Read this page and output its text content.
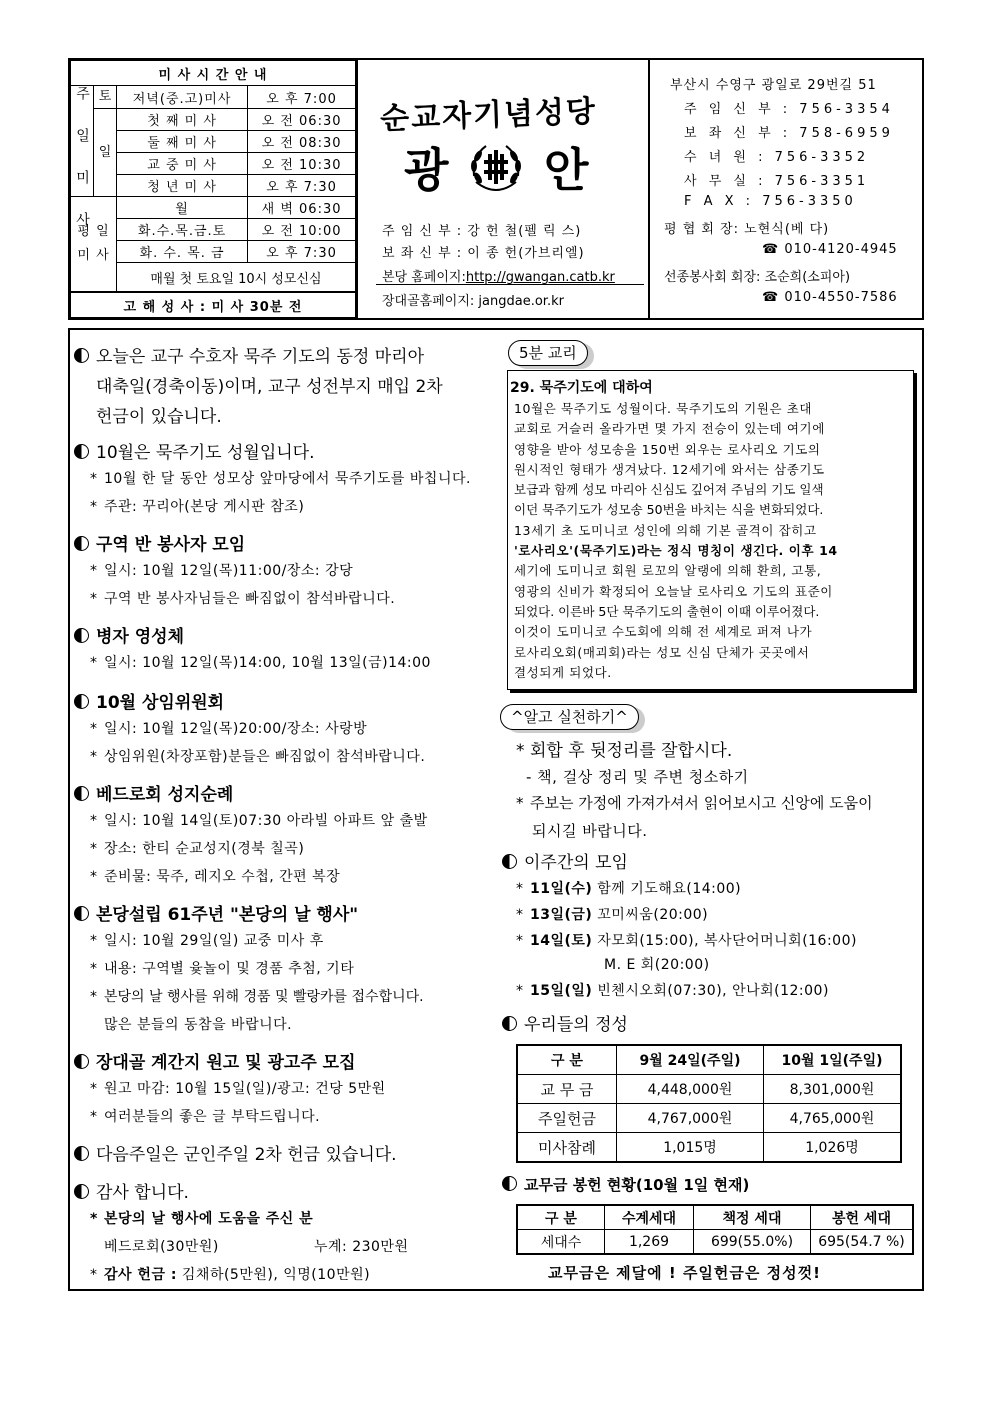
미 사 시 간 안 내			
주 일 미 사	토	저녁(중.고)미사	오 후 7:00
	일	첫 째 미 사	오 전 06:30
		둘 째 미 사	오 전 08:30
		교 중 미 사	오 전 10:30
		청 년 미 사	오 후 7:30
평 일 미 사		월	새 벽 06:30
		화.수.목.금.토	오 전 10:00
		화. 수. 목. 금	오 후 7:30
		매월 첫 토요일 10시 성모신심	
고 해 성 사 : 미 사 30분 전			
순교자기념성당
광 안
주 임 신 부 : 강 헌 철(펠 릭 스)
보 좌 신 부 : 이 종 헌(가브리엘)
본당 홈페이지:http://gwangan.catb.kr
장대골홈페이지: jangdae.or.kr
부산시 수영구 광일로 29번길 51
주 임 신 부 : 756-3354
보 좌 신 부 : 758-6959
수 녀 원 : 756-3352
사 무 실 : 756-3351
F A X : 756-3350
평 협 회 장: 노현식(베 다)
☎ 010-4120-4945
선종봉사회 회장: 조순희(소피아)
☎ 010-4550-7586
오늘은 교구 수호자 묵주 기도의 동정 마리아
대축일(경축이동)이며, 교구 성전부지 매입 2차
헌금이 있습니다.
10월은 묵주기도 성월입니다.
* 10월 한 달 동안 성모상 앞마당에서 묵주기도를 바칩니다.
* 주관: 꾸리아(본당 게시판 참조)
구역 반 봉사자 모임
* 일시: 10월 12일(목)11:00/장소: 강당
* 구역 반 봉사자님들은 빠짐없이 참석바랍니다.
병자 영성체
* 일시: 10월 12일(목)14:00, 10월 13일(금)14:00
10월 상임위원회
* 일시: 10월 12일(목)20:00/장소: 사랑방
* 상임위원(차장포함)분들은 빠짐없이 참석바랍니다.
베드로회 성지순례
* 일시: 10월 14일(토)07:30 아라빌 아파트 앞 출발
* 장소: 한티 순교성지(경북 칠곡)
* 준비물: 묵주, 레지오 수첩, 간편 복장
본당설립 61주년 "본당의 날 행사"
* 일시: 10월 29일(일) 교중 미사 후
* 내용: 구역별 윷놀이 및 경품 추첨, 기타
* 본당의 날 행사를 위해 경품 및 빨랑카를 접수합니다.
많은 분들의 동참을 바랍니다.
장대골 계간지 원고 및 광고주 모집
* 원고 마감: 10월 15일(일)/광고: 건당 5만원
* 여러분들의 좋은 글 부탁드립니다.
다음주일은 군인주일 2차 헌금 있습니다.
감사 합니다.
* 본당의 날 행사에 도움을 주신 분
베드로회(30만원)	누계: 230만원
* 감사 헌금 : 김채하(5만원), 익명(10만원)
5분 교리
29. 묵주기도에 대하여
10월은 묵주기도 성월이다. 묵주기도의 기원은 초대
교회로 거슬러 올라가면 몇 가지 전승이 있는데 여기에
영향을 받아 성모송을 150번 외우는 로사리오 기도의
원시적인 형태가 생겨났다. 12세기에 와서는 삼종기도
보급과 함께 성모 마리아 신심도 깊어져 주님의 기도 일색
이던 묵주기도가 성모송 50번을 바치는 식을 변화되었다.
13세기 초 도미니코 성인에 의해 기본 골격이 잡히고
'로사리오'(묵주기도)라는 정식 명칭이 생긴다. 이후 14
세기에 도미니코 회원 로꼬의 알랭에 의해 환희, 고통,
영광의 신비가 확정되어 오늘날 로사리오 기도의 표준이
되었다. 이른바 5단 묵주기도의 출현이 이때 이루어졌다.
이것이 도미니코 수도회에 의해 전 세계로 퍼져 나가
로사리오회(매괴회)라는 성모 신심 단체가 곳곳에서
결성되게 되었다.
^알고 실천하기^
* 회합 후 뒷정리를 잘합시다.
- 책, 걸상 정리 및 주변 청소하기
* 주보는 가정에 가져가셔서 읽어보시고 신앙에 도움이
되시길 바랍니다.
이주간의 모임
* 11일(수) 함께 기도해요(14:00)
* 13일(금) 꼬미씨움(20:00)
* 14일(토) 자모회(15:00), 복사단어머니회(16:00)
M. E 회(20:00)
* 15일(일) 빈첸시오회(07:30), 안나회(12:00)
우리들의 정성
구 분	9월 24일(주일)	10월 1일(주일)
교 무 금	4,448,000원	8,301,000원
주일헌금	4,767,000원	4,765,000원
미사참례	1,015명	1,026명
교무금 봉헌 현황(10월 1일 현재)
구 분	수계세대	책정 세대	봉헌 세대
세대수	1,269	699(55.0%)	695(54.7 %)
교무금은 제달에 ! 주일헌금은 정성껏!
